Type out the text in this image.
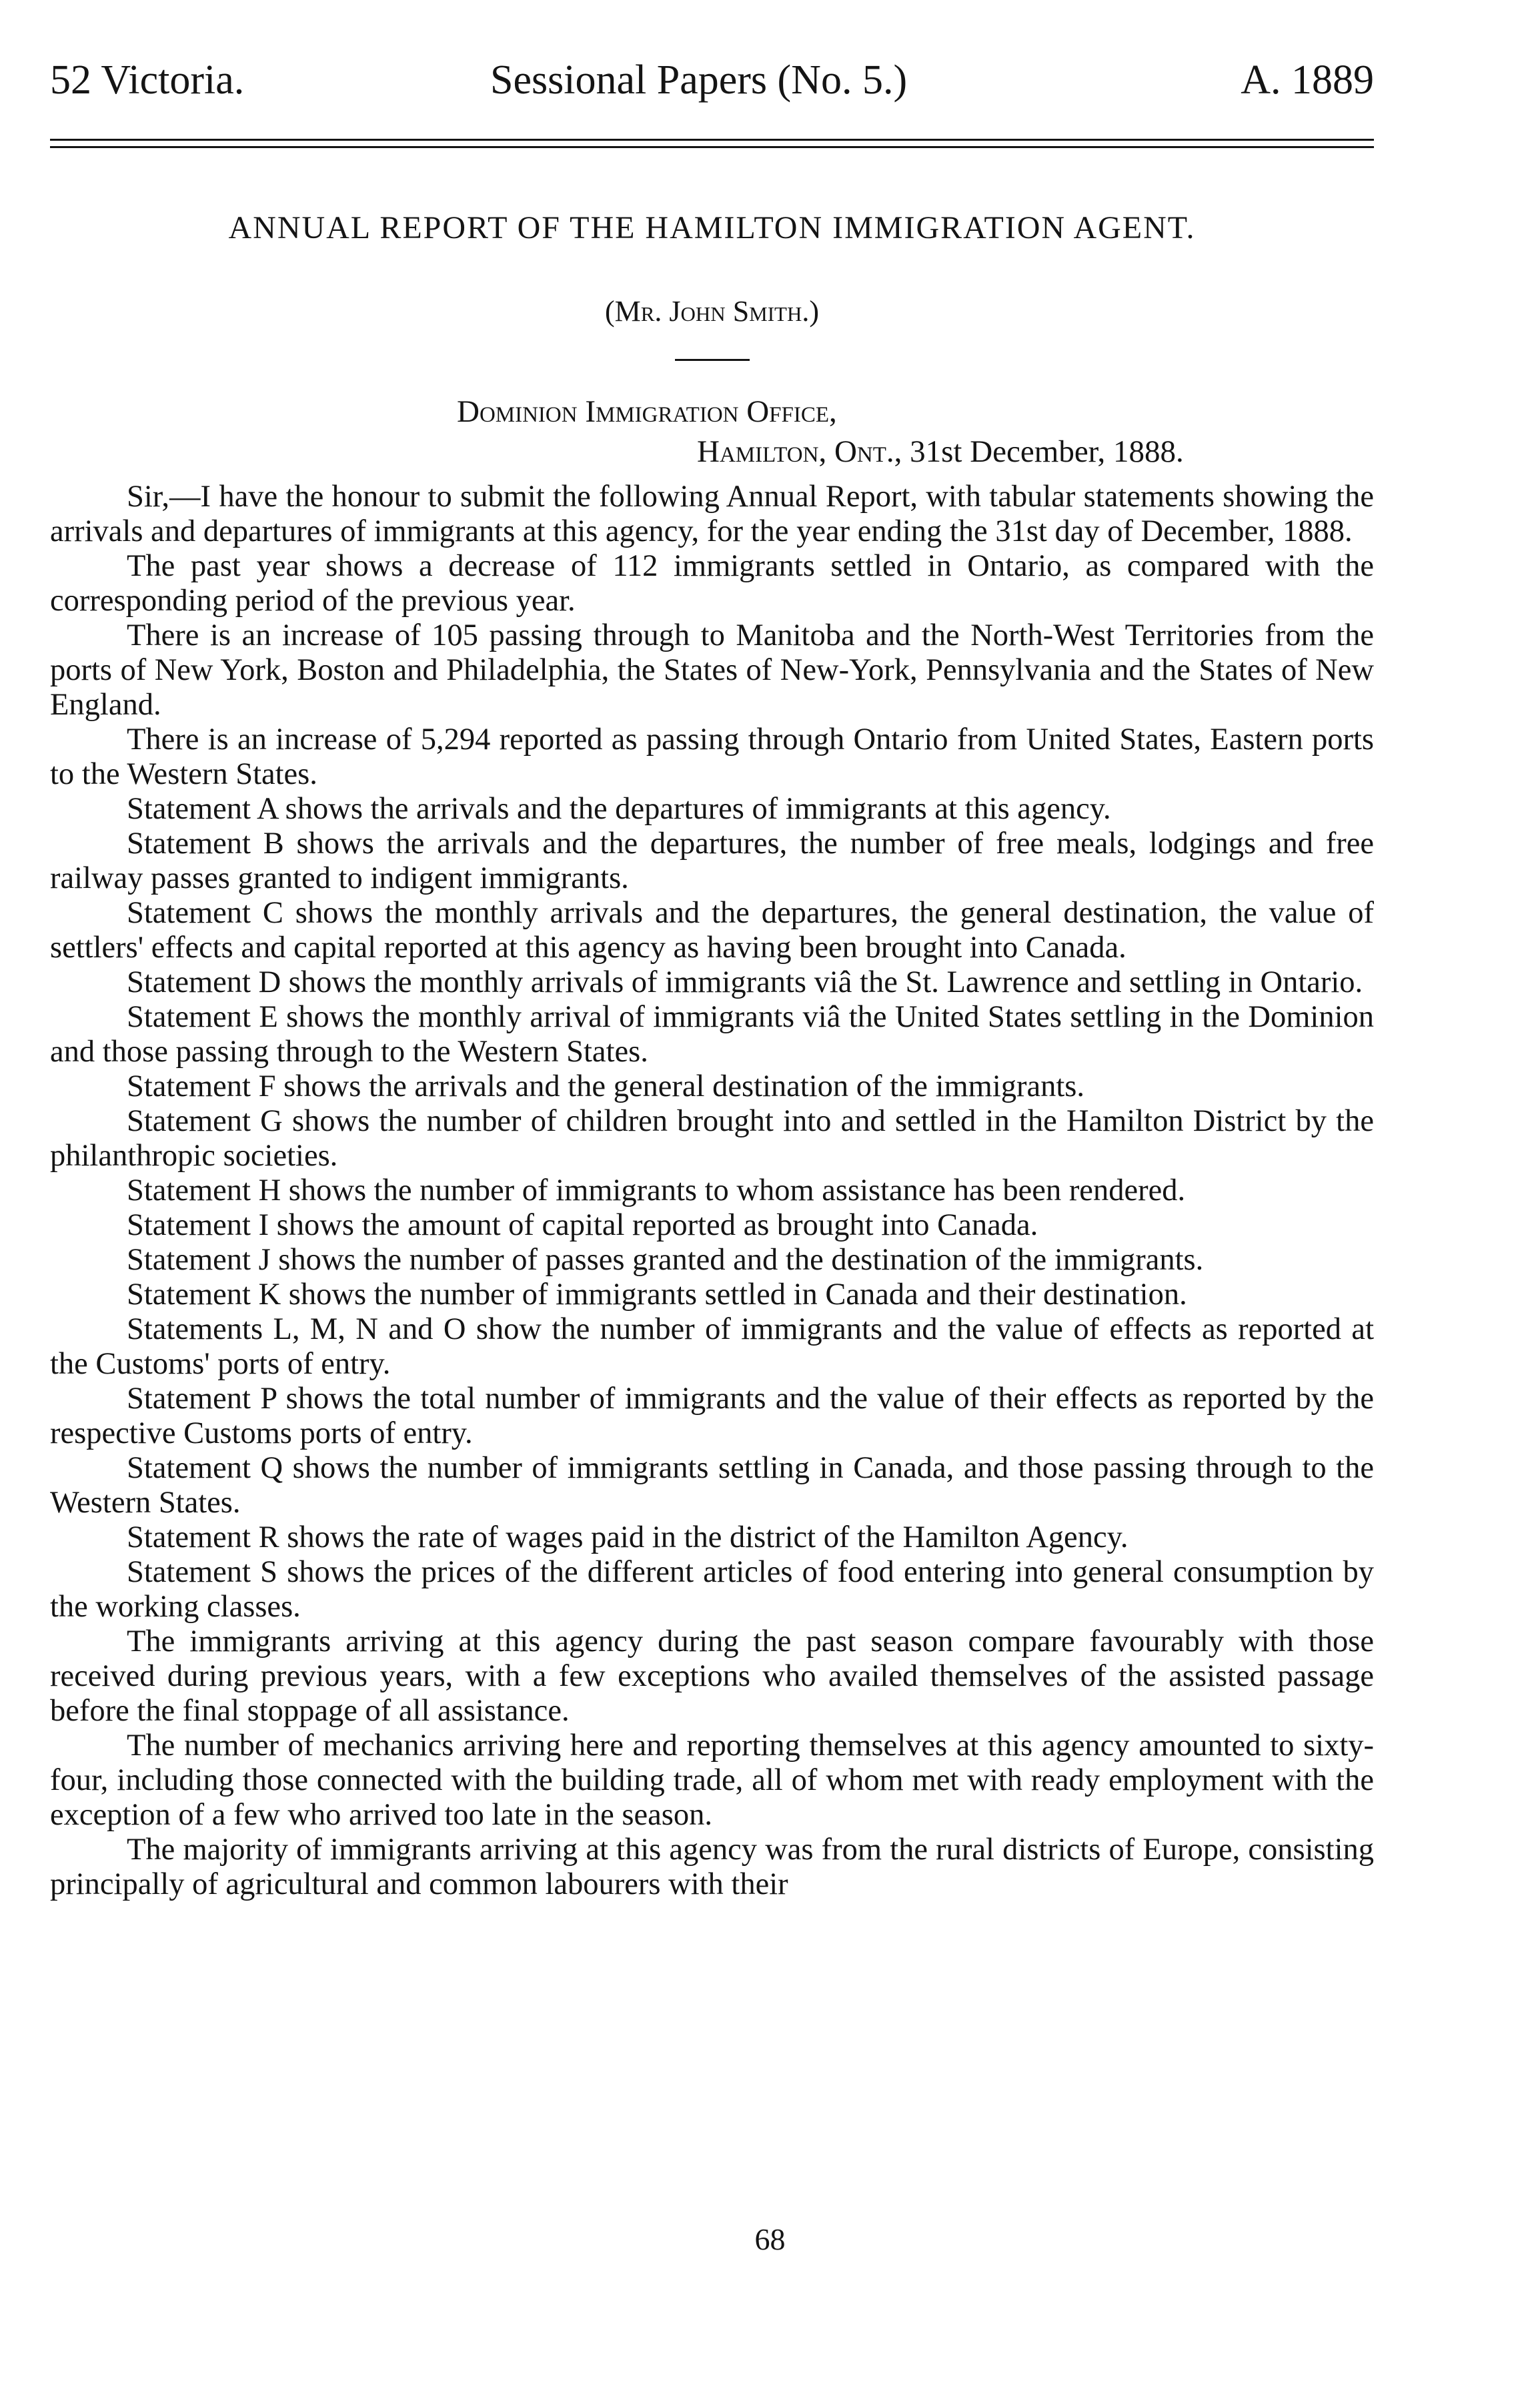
52 Victoria.	Sessional Papers (No. 5.)	A. 1889
ANNUAL REPORT OF THE HAMILTON IMMIGRATION AGENT.
(Mr. John Smith.)
Dominion Immigration Office,
Hamilton, Ont., 31st December, 1888.

Sir,—I have the honour to submit the following Annual Report, with tabular statements showing the arrivals and departures of immigrants at this agency, for the year ending the 31st day of December, 1888.

The past year shows a decrease of 112 immigrants settled in Ontario, as compared with the corresponding period of the previous year.

There is an increase of 105 passing through to Manitoba and the North-West Territories from the ports of New York, Boston and Philadelphia, the States of New-York, Pennsylvania and the States of New England.

There is an increase of 5,294 reported as passing through Ontario from United States, Eastern ports to the Western States.

Statement A shows the arrivals and the departures of immigrants at this agency.

Statement B shows the arrivals and the departures, the number of free meals, lodgings and free railway passes granted to indigent immigrants.

Statement C shows the monthly arrivals and the departures, the general destination, the value of settlers' effects and capital reported at this agency as having been brought into Canada.

Statement D shows the monthly arrivals of immigrants viâ the St. Lawrence and settling in Ontario.

Statement E shows the monthly arrival of immigrants viâ the United States settling in the Dominion and those passing through to the Western States.

Statement F shows the arrivals and the general destination of the immigrants.

Statement G shows the number of children brought into and settled in the Hamilton District by the philanthropic societies.

Statement H shows the number of immigrants to whom assistance has been rendered.

Statement I shows the amount of capital reported as brought into Canada.

Statement J shows the number of passes granted and the destination of the immigrants.

Statement K shows the number of immigrants settled in Canada and their destination.

Statements L, M, N and O show the number of immigrants and the value of effects as reported at the Customs' ports of entry.

Statement P shows the total number of immigrants and the value of their effects as reported by the respective Customs ports of entry.

Statement Q shows the number of immigrants settling in Canada, and those passing through to the Western States.

Statement R shows the rate of wages paid in the district of the Hamilton Agency.

Statement S shows the prices of the different articles of food entering into general consumption by the working classes.

The immigrants arriving at this agency during the past season compare favourably with those received during previous years, with a few exceptions who availed themselves of the assisted passage before the final stoppage of all assistance.

The number of mechanics arriving here and reporting themselves at this agency amounted to sixty-four, including those connected with the building trade, all of whom met with ready employment with the exception of a few who arrived too late in the season.

The majority of immigrants arriving at this agency was from the rural districts of Europe, consisting principally of agricultural and common labourers with their

68
